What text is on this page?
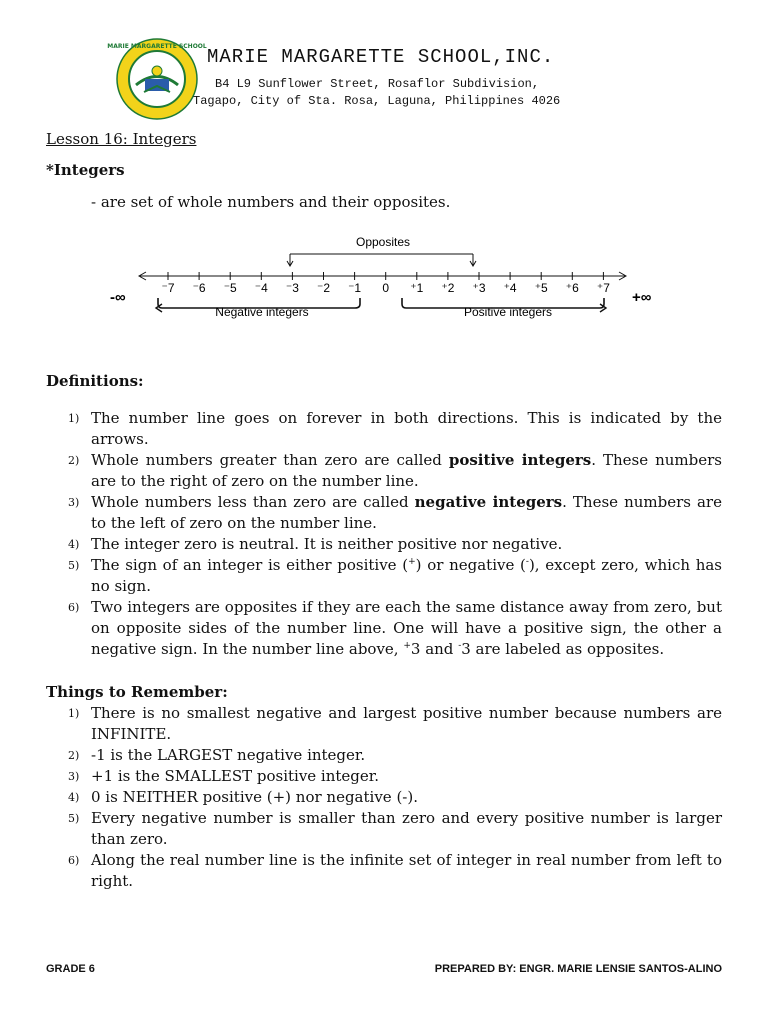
MARIE MARGARETTE SCHOOL MARIE MARGARETTE SCHOOL,INC.
B4 L9 Sunflower Street, Rosaflor Subdivision,
Tagapo, City of Sta. Rosa, Laguna, Philippines 4026
Lesson 16: Integers
*Integers
- are set of whole numbers and their opposites.
Opposites
⁻7 ⁻6 ⁻5 ⁻4 ⁻3 ⁻2 ⁻1 0 ⁺1 ⁺2 ⁺3 ⁺4 ⁺5 ⁺6 ⁺7
-∞	+∞
Negative integers	Positive integers
Definitions:
1) The number line goes on forever in both directions. This is indicated by the arrows.
2) Whole numbers greater than zero are called positive integers. These numbers are to the right of zero on the number line.
3) Whole numbers less than zero are called negative integers. These numbers are to the left of zero on the number line.
4) The integer zero is neutral. It is neither positive nor negative.
5) The sign of an integer is either positive (+) or negative (-), except zero, which has no sign.
6) Two integers are opposites if they are each the same distance away from zero, but on opposite sides of the number line. One will have a positive sign, the other a negative sign. In the number line above, +3 and -3 are labeled as opposites.
Things to Remember:
1) There is no smallest negative and largest positive number because numbers are INFINITE.
2) -1 is the LARGEST negative integer.
3) +1 is the SMALLEST positive integer.
4) 0 is NEITHER positive (+) nor negative (-).
5) Every negative number is smaller than zero and every positive number is larger than zero.
6) Along the real number line is the infinite set of integer in real number from left to right.
GRADE 6	PREPARED BY: ENGR. MARIE LENSIE SANTOS-ALINO
